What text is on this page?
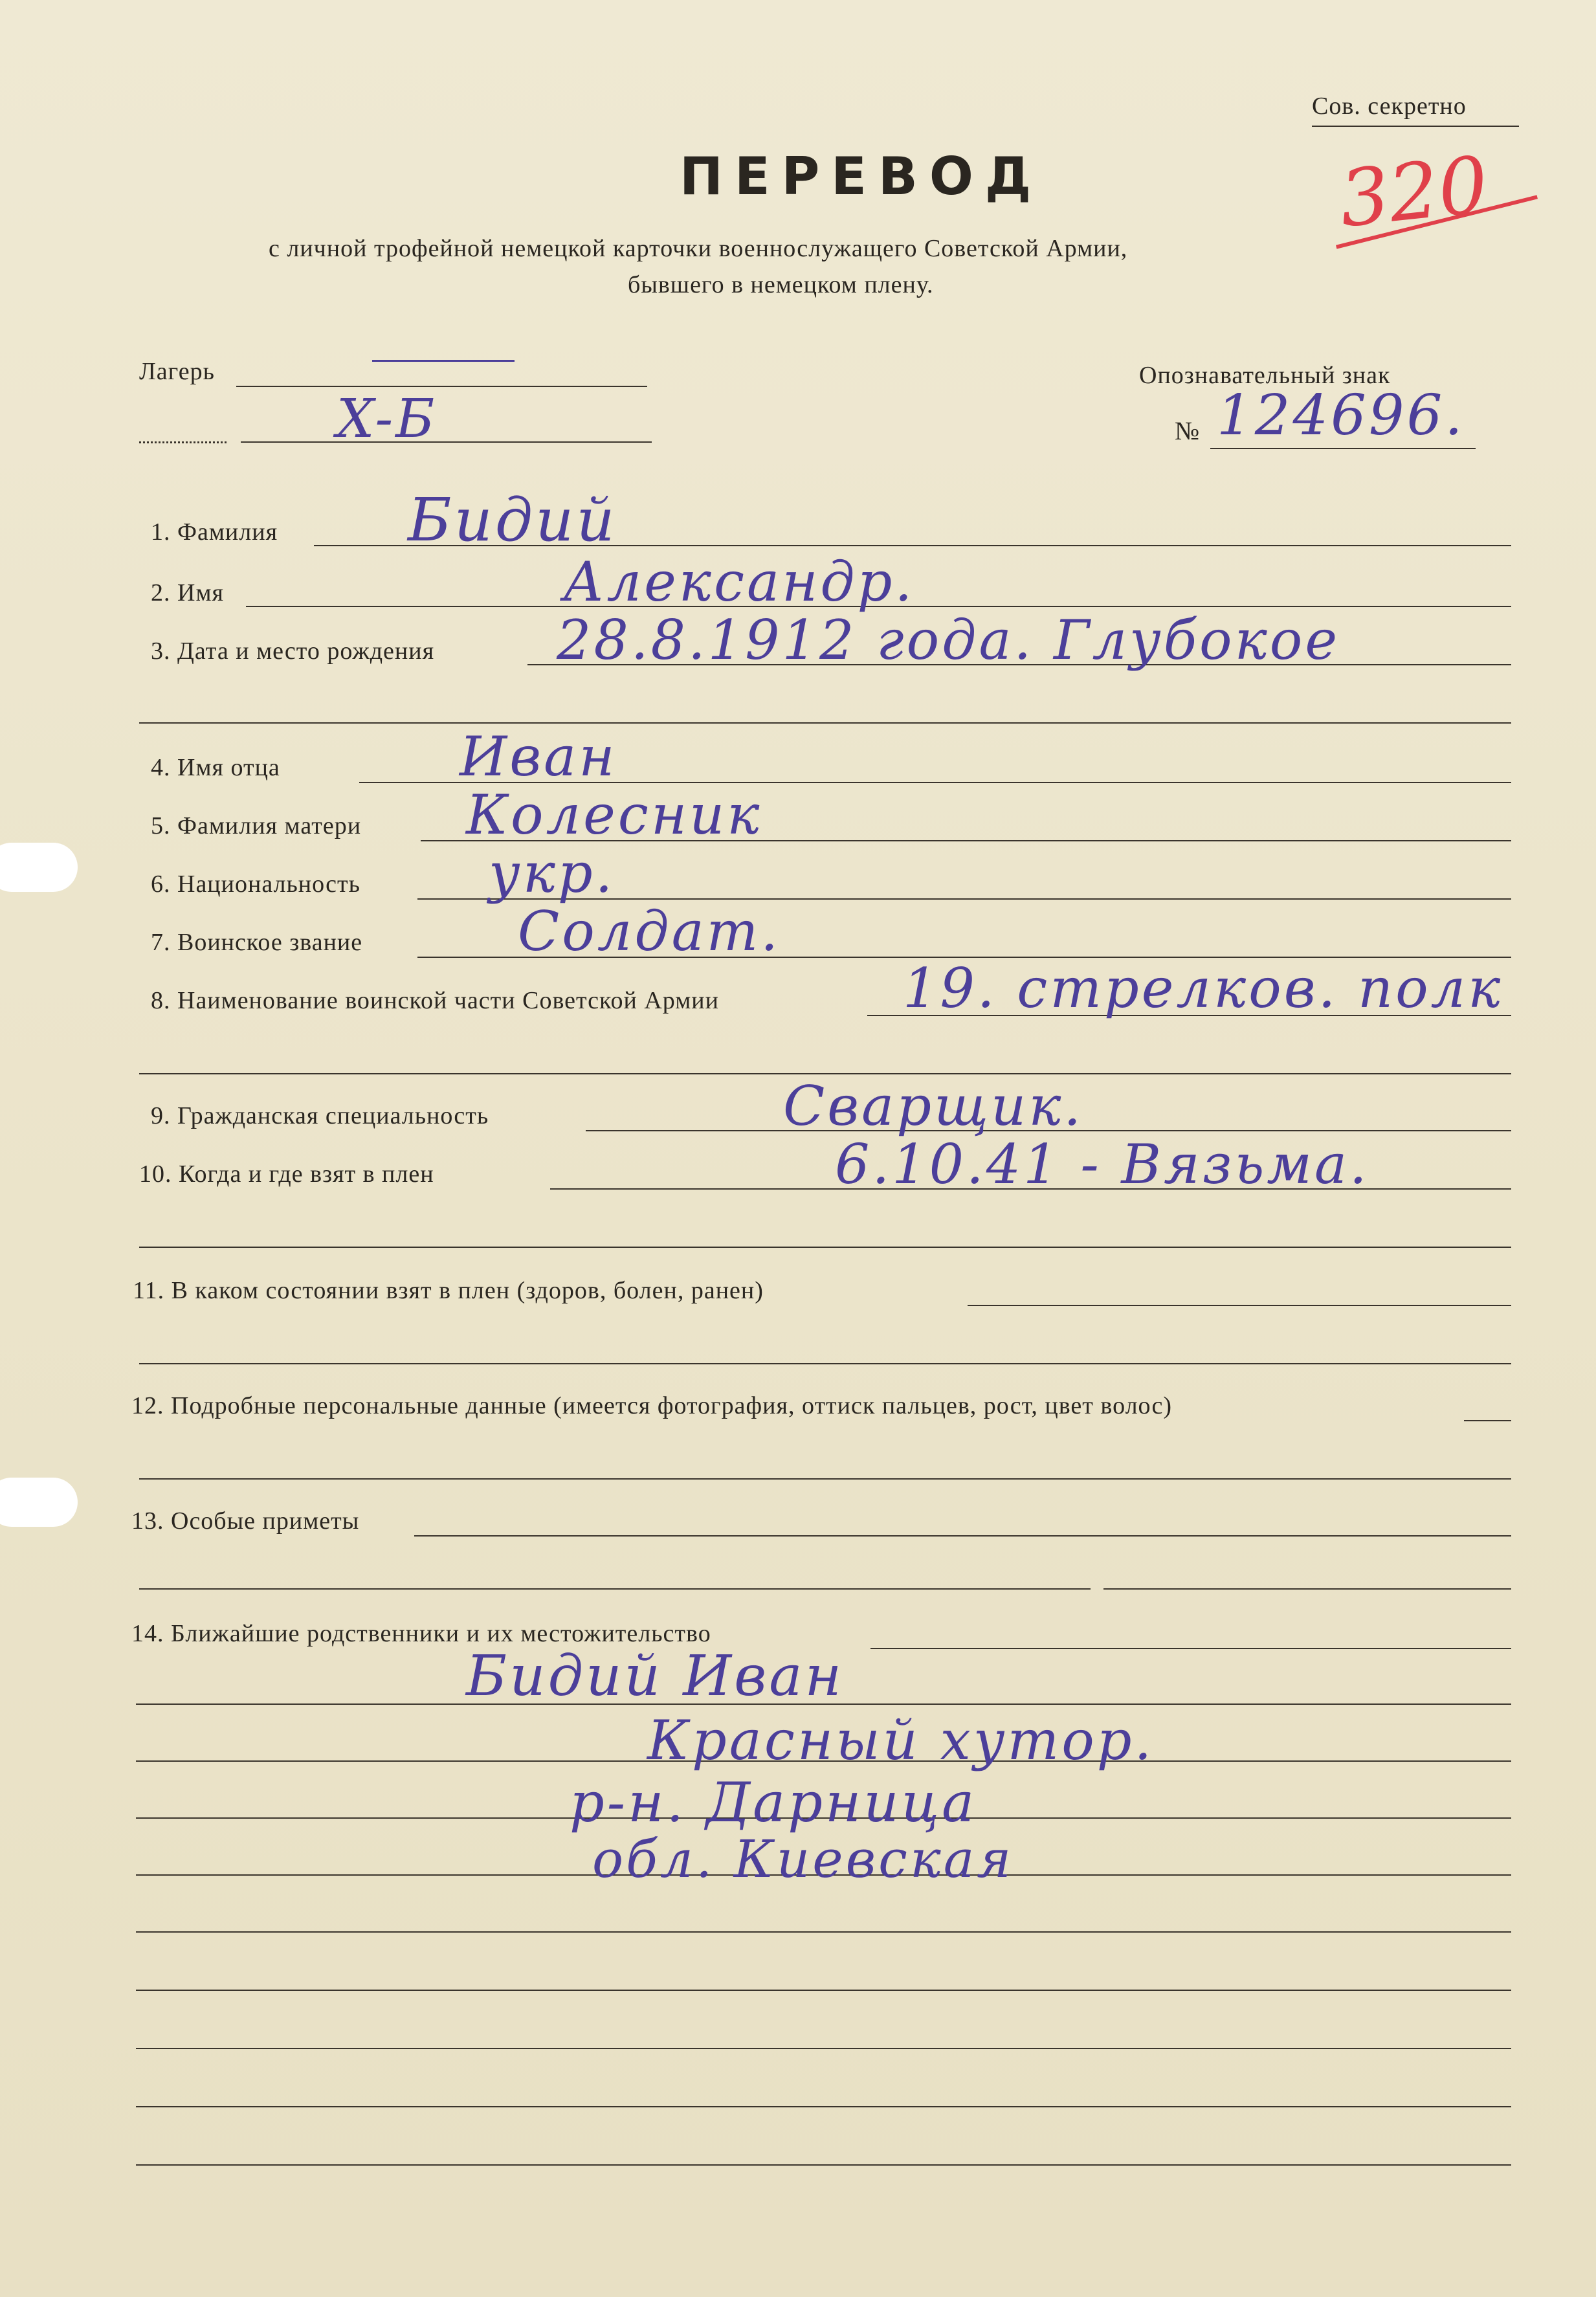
Сов. секретно
320
ПЕРЕВОД
с личной трофейной немецкой карточки военнослужащего Советской Армии,
бывшего в немецком плену.
Лагерь
X-Б
Опознавательный знак
№ 124696.
1. Фамилия Бидий
2. Имя	Александр.
3. Дата и место рождения 28.8.1912 года. Глубокое
4. Имя отца	Иван
5. Фамилия матери Колесник
6. Национальность укр.
7. Воинское звание	Солдат.
8. Наименование воинской части Советской Армии	19. стрелков. полк
9. Гражданская специальность	Сварщик.
10. Когда и где взят в плен	6.10.41 - Вязьма.
11. В каком состоянии взят в плен (здоров, болен, ранен)
12. Подробные персональные данные (имеется фотография, оттиск пальцев, рост, цвет волос)
13. Особые приметы
14. Ближайшие родственники и их местожительство
Бидий Иван
Красный хутор.
р-н. Дарница
обл. Киевская
